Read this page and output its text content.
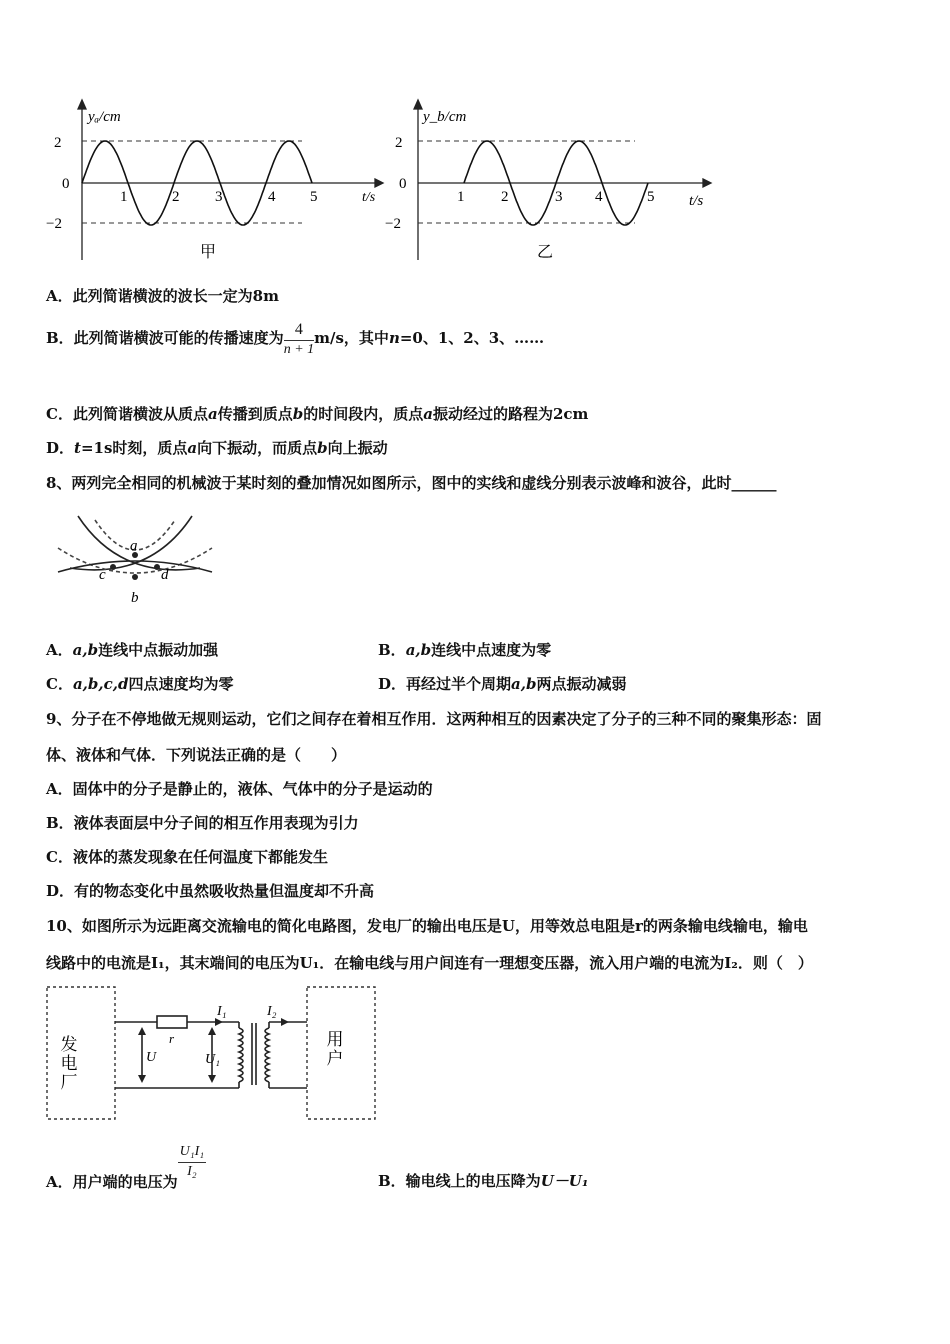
yₐ/cm
2
0
−2
1	2 3	4 5	t/s
甲
y_b/cm
2
0
−2
1 2	3 4	5 t/s
乙
A．此列简谐横波的波长一定为8m
B．此列简谐横波可能的传播速度为 $\frac{4}{n + 1} m/s$，其中n=0、1、2、3、……
C．此列简谐横波从质点a传播到质点b的时间段内，质点a振动经过的路程为2cm
D．t=1s时刻，质点a向下振动，而质点b向上振动
8、两列完全相同的机械波于某时刻的叠加情况如图所示，图中的实线和虚线分别表示波峰和波谷，此时______
a
b
c	d
A．a,b连线中点振动加强	B．a,b连线中点速度为零
C．a,b,c,d四点速度均为零	D．再经过半个周期a,b两点振动减弱
9、分子在不停地做无规则运动，它们之间存在着相互作用．这两种相互的因素决定了分子的三种不同的聚集形态：固
体、液体和气体．下列说法正确的是（　　）
A．固体中的分子是静止的，液体、气体中的分子是运动的
B．液体表面层中分子间的相互作用表现为引力
C．液体的蒸发现象在任何温度下都能发生
D．有的物态变化中虽然吸收热量但温度却不升高
10、如图所示为远距离交流输电的简化电路图，发电厂的输出电压是U，用等效总电阻是r的两条输电线输电，输电
线路中的电流是I₁，其末端间的电压为U₁．在输电线与用户间连有一理想变压器，流入用户端的电流为I₂．则（　）
发电厂	用户
r
U	U₁
I₁	I₂
A．用户端的电压为
$\frac{\text{U₁I₁}}{\text{I₂}}$	B．输电线上的电压降为U－U₁
